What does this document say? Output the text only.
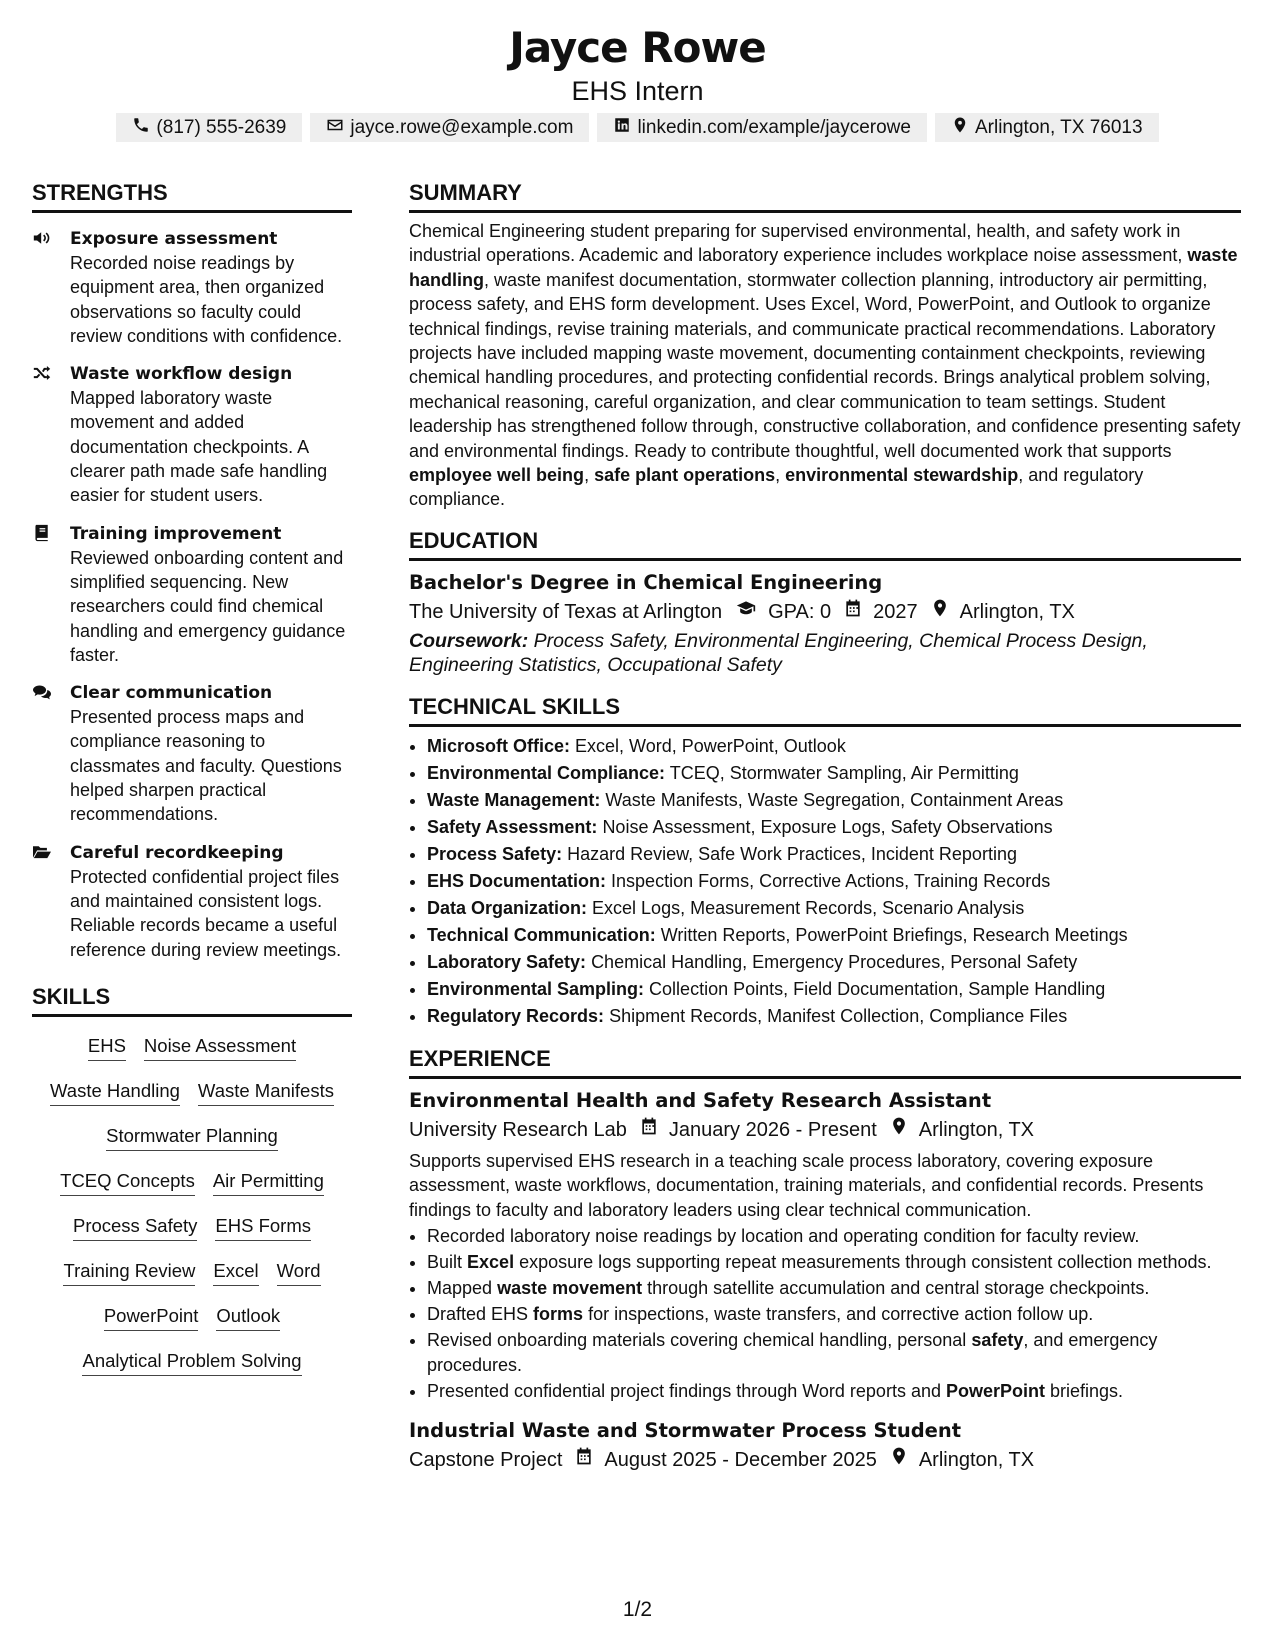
Jayce Rowe
EHS Intern
(817) 555-2639	jayce.rowe@example.com	linkedin.com/example/jaycerowe	Arlington, TX 76013
STRENGTHS
Exposure assessment
Recorded noise readings by equipment area, then organized observations so faculty could review conditions with confidence.
Waste workflow design
Mapped laboratory waste movement and added documentation checkpoints. A clearer path made safe handling easier for student users.
Training improvement
Reviewed onboarding content and simplified sequencing. New researchers could find chemical handling and emergency guidance faster.
Clear communication
Presented process maps and compliance reasoning to classmates and faculty. Questions helped sharpen practical recommendations.
Careful recordkeeping
Protected confidential project files and maintained consistent logs. Reliable records became a useful reference during review meetings.
SKILLS
EHS Noise Assessment
Waste Handling Waste Manifests
Stormwater Planning
TCEQ Concepts Air Permitting
Process Safety EHS Forms
Training Review Excel Word
PowerPoint Outlook
Analytical Problem Solving
SUMMARY
Chemical Engineering student preparing for supervised environmental, health, and safety work in industrial operations. Academic and laboratory experience includes workplace noise assessment, waste handling, waste manifest documentation, stormwater collection planning, introductory air permitting, process safety, and EHS form development. Uses Excel, Word, PowerPoint, and Outlook to organize technical findings, revise training materials, and communicate practical recommendations. Laboratory projects have included mapping waste movement, documenting containment checkpoints, reviewing chemical handling procedures, and protecting confidential records. Brings analytical problem solving, mechanical reasoning, careful organization, and clear communication to team settings. Student leadership has strengthened follow through, constructive collaboration, and confidence presenting safety and environmental findings. Ready to contribute thoughtful, well documented work that supports employee well being, safe plant operations, environmental stewardship, and regulatory compliance.
EDUCATION
Bachelor's Degree in Chemical Engineering
The University of Texas at Arlington GPA: 0 2027 Arlington, TX
Coursework: Process Safety, Environmental Engineering, Chemical Process Design, Engineering Statistics, Occupational Safety
TECHNICAL SKILLS
• Microsoft Office: Excel, Word, PowerPoint, Outlook
• Environmental Compliance: TCEQ, Stormwater Sampling, Air Permitting
• Waste Management: Waste Manifests, Waste Segregation, Containment Areas
• Safety Assessment: Noise Assessment, Exposure Logs, Safety Observations
• Process Safety: Hazard Review, Safe Work Practices, Incident Reporting
• EHS Documentation: Inspection Forms, Corrective Actions, Training Records
• Data Organization: Excel Logs, Measurement Records, Scenario Analysis
• Technical Communication: Written Reports, PowerPoint Briefings, Research Meetings
• Laboratory Safety: Chemical Handling, Emergency Procedures, Personal Safety
• Environmental Sampling: Collection Points, Field Documentation, Sample Handling
• Regulatory Records: Shipment Records, Manifest Collection, Compliance Files
EXPERIENCE
Environmental Health and Safety Research Assistant
University Research Lab January 2026 - Present Arlington, TX
Supports supervised EHS research in a teaching scale process laboratory, covering exposure assessment, waste workflows, documentation, training materials, and confidential records. Presents findings to faculty and laboratory leaders using clear technical communication.
• Recorded laboratory noise readings by location and operating condition for faculty review.
• Built Excel exposure logs supporting repeat measurements through consistent collection methods.
• Mapped waste movement through satellite accumulation and central storage checkpoints.
• Drafted EHS forms for inspections, waste transfers, and corrective action follow up.
• Revised onboarding materials covering chemical handling, personal safety, and emergency procedures.
• Presented confidential project findings through Word reports and PowerPoint briefings.
Industrial Waste and Stormwater Process Student
Capstone Project August 2025 - December 2025 Arlington, TX
1/2
